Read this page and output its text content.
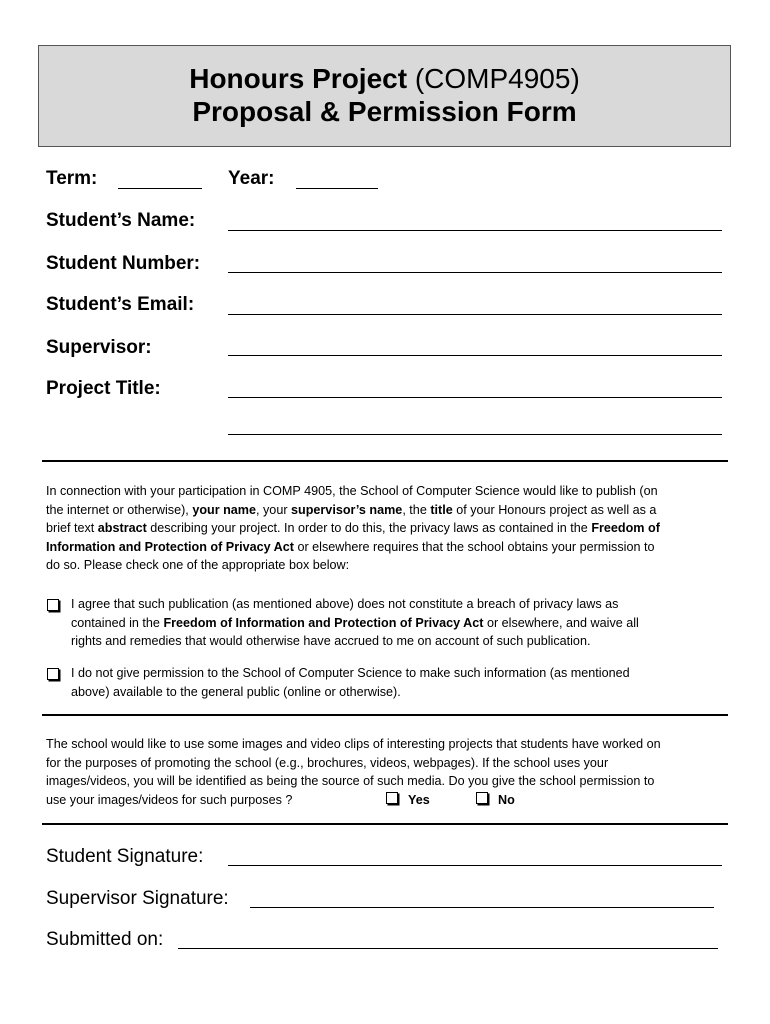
Honours Project (COMP4905)
Proposal & Permission Form
Term:	Year:
Student’s Name:
Student Number:
Student’s Email:
Supervisor:
Project Title:
In connection with your participation in COMP 4905, the School of Computer Science would like to publish (on
the internet or otherwise), your name, your supervisor’s name, the title of your Honours project as well as a
brief text abstract describing your project. In order to do this, the privacy laws as contained in the Freedom of
Information and Protection of Privacy Act or elsewhere requires that the school obtains your permission to
do so. Please check one of the appropriate box below:
I agree that such publication (as mentioned above) does not constitute a breach of privacy laws as
contained in the Freedom of Information and Protection of Privacy Act or elsewhere, and waive all
rights and remedies that would otherwise have accrued to me on account of such publication.
I do not give permission to the School of Computer Science to make such information (as mentioned
above) available to the general public (online or otherwise).
The school would like to use some images and video clips of interesting projects that students have worked on
for the purposes of promoting the school (e.g., brochures, videos, webpages). If the school uses your
images/videos, you will be identified as being the source of such media. Do you give the school permission to
use your images/videos for such purposes ?	Yes	No
Student Signature:
Supervisor Signature:
Submitted on:
